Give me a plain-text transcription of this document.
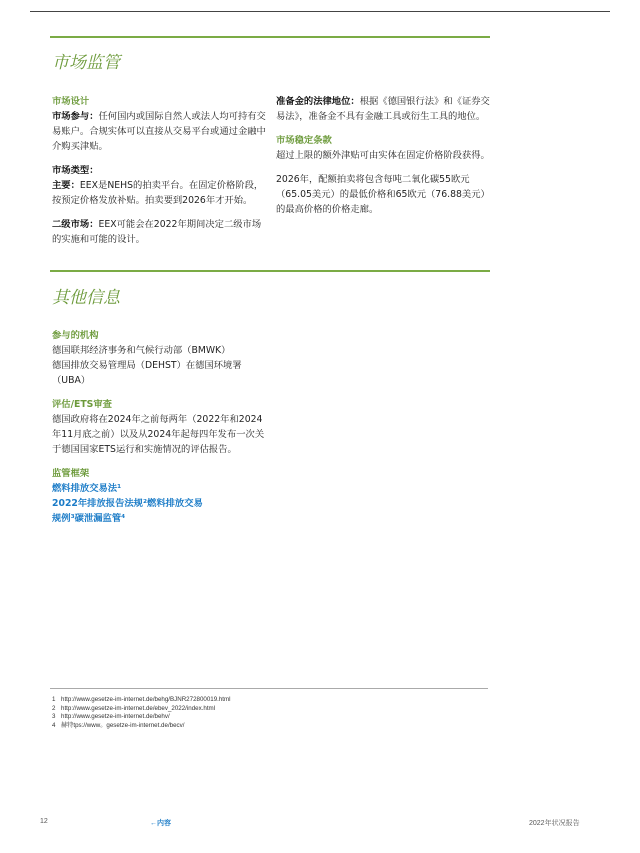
市场监管

市场设计

市场参与：任何国内或国际自然人或法人均可持有交易账户。合规实体可以直接从交易平台或通过金融中介购买津贴。

市场类型：

主要：EEX是NEHS的拍卖平台。在固定价格阶段，按预定价格发放补贴。拍卖要到2026年才开始。

二级市场：EEX可能会在2022年期间决定二级市场的实施和可能的设计。

准备金的法律地位：根据《德国银行法》和《证券交易法》，准备金不具有金融工具或衍生工具的地位。

市场稳定条款

超过上限的额外津贴可由实体在固定价格阶段获得。

2026年，配额拍卖将包含每吨二氧化碳55欧元（65.05美元）的最低价格和65欧元（76.88美元）的最高价格的价格走廊。

其他信息

参与的机构

德国联邦经济事务和气候行动部（BMWK）

德国排放交易管理局（DEHST）在德国环境署（UBA）

评估/ETS审查

德国政府将在2024年之前每两年（2022年和2024年11月底之前）以及从2024年起每四年发布一次关于德国国家ETS运行和实施情况的评估报告。

监管框架

燃料排放交易法¹

2022年排放报告法规²燃料排放交易

规例³碳泄漏监管⁴

1 http://www.gesetze-im-internet.de/behg/BJNR272800019.html
2 http://www.gesetze-im-internet.de/ebev_2022/index.html
3 http://www.gesetze-im-internet.de/behv/
4 赫特tps://www。gesetze-im-internet.de/becv/
12	←内容	2022年状况报告
